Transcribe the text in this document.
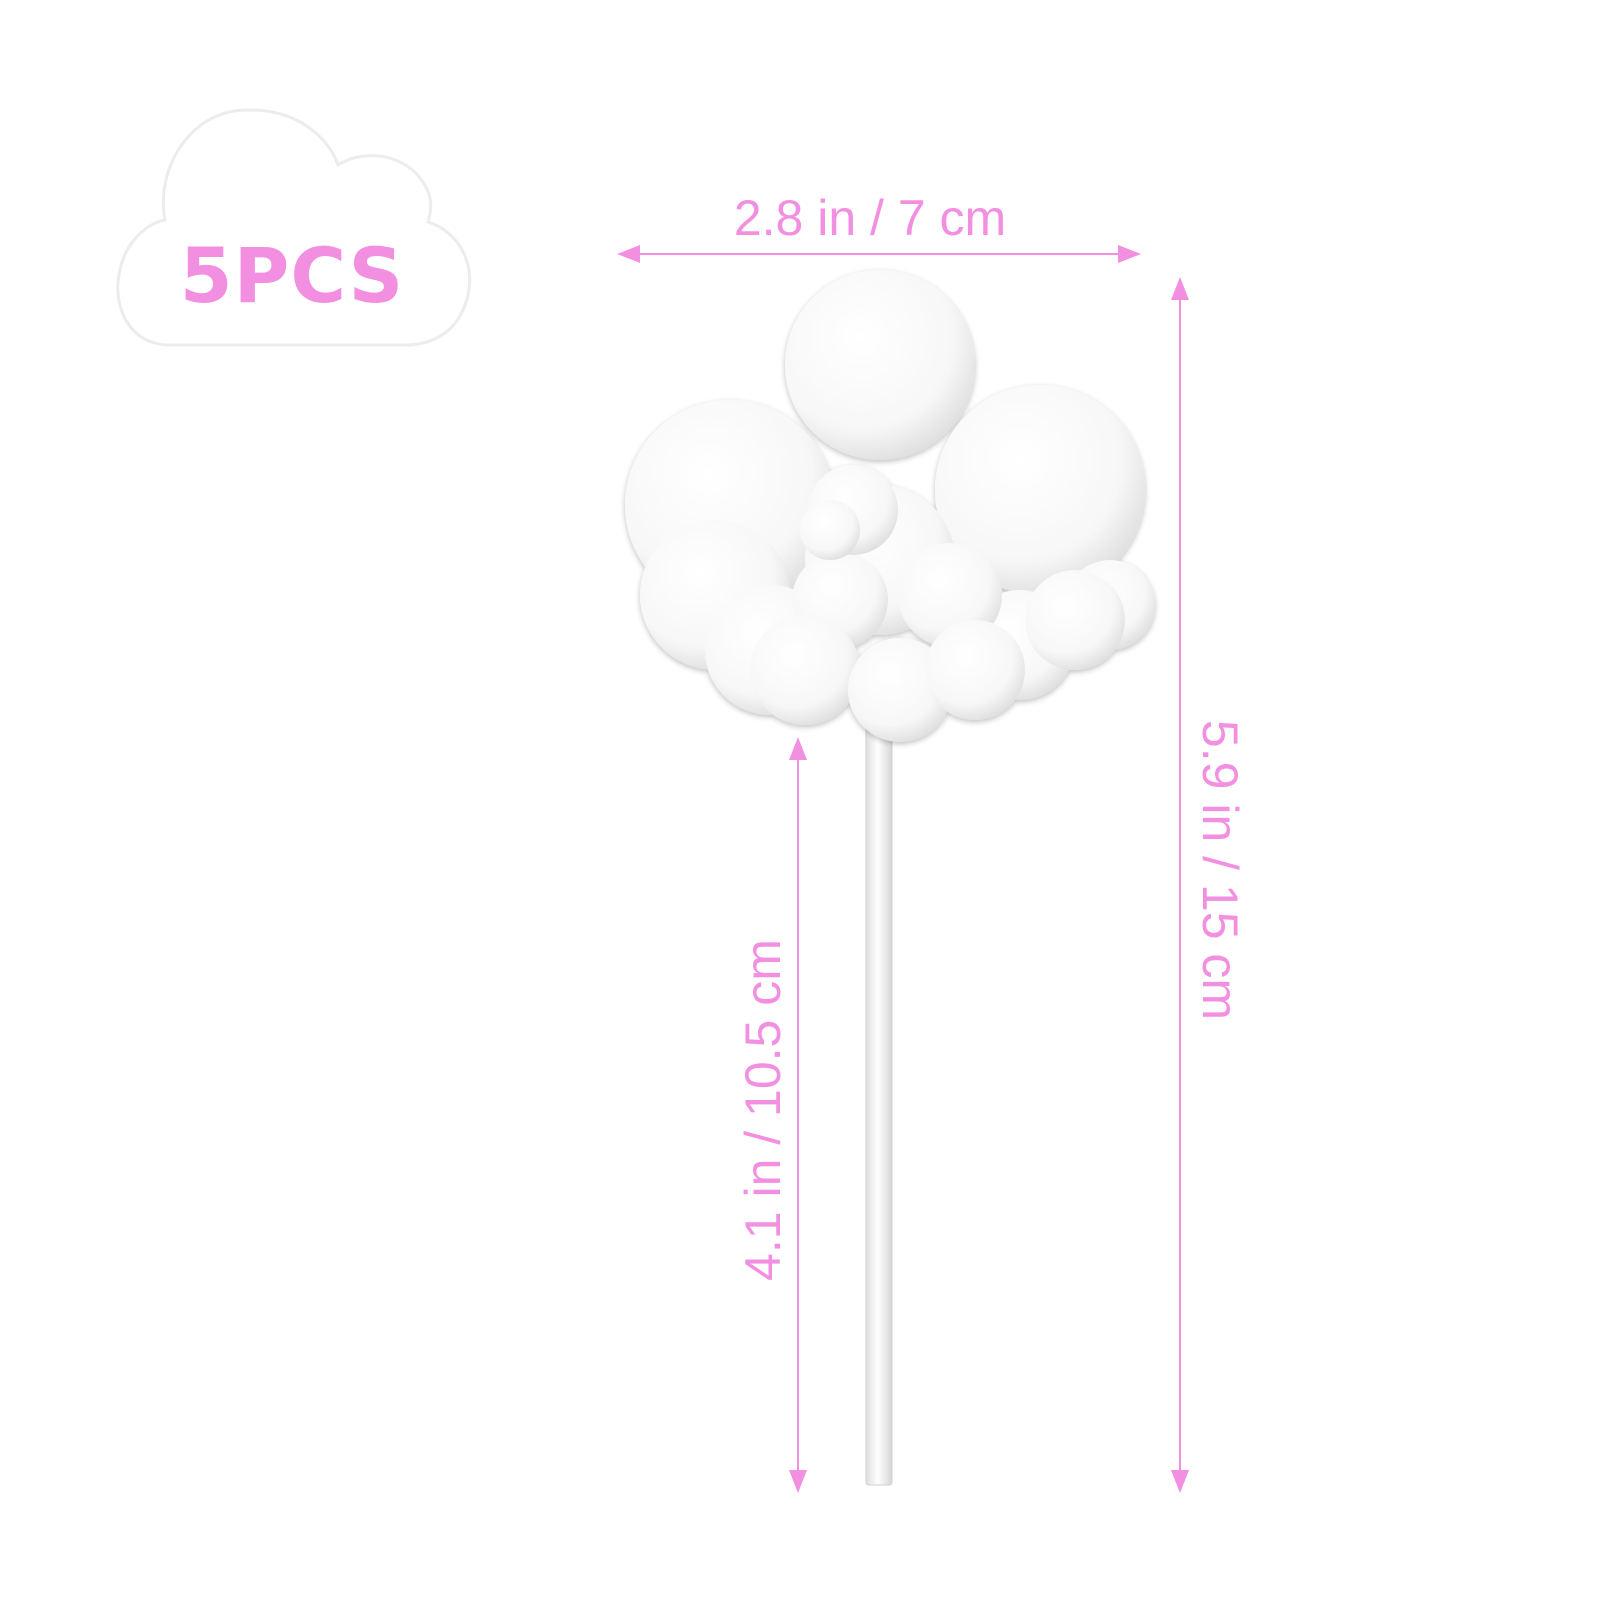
5PCS
2.8 in / 7 cm
5.9 in / 15 cm
4.1 in / 10.5 cm
